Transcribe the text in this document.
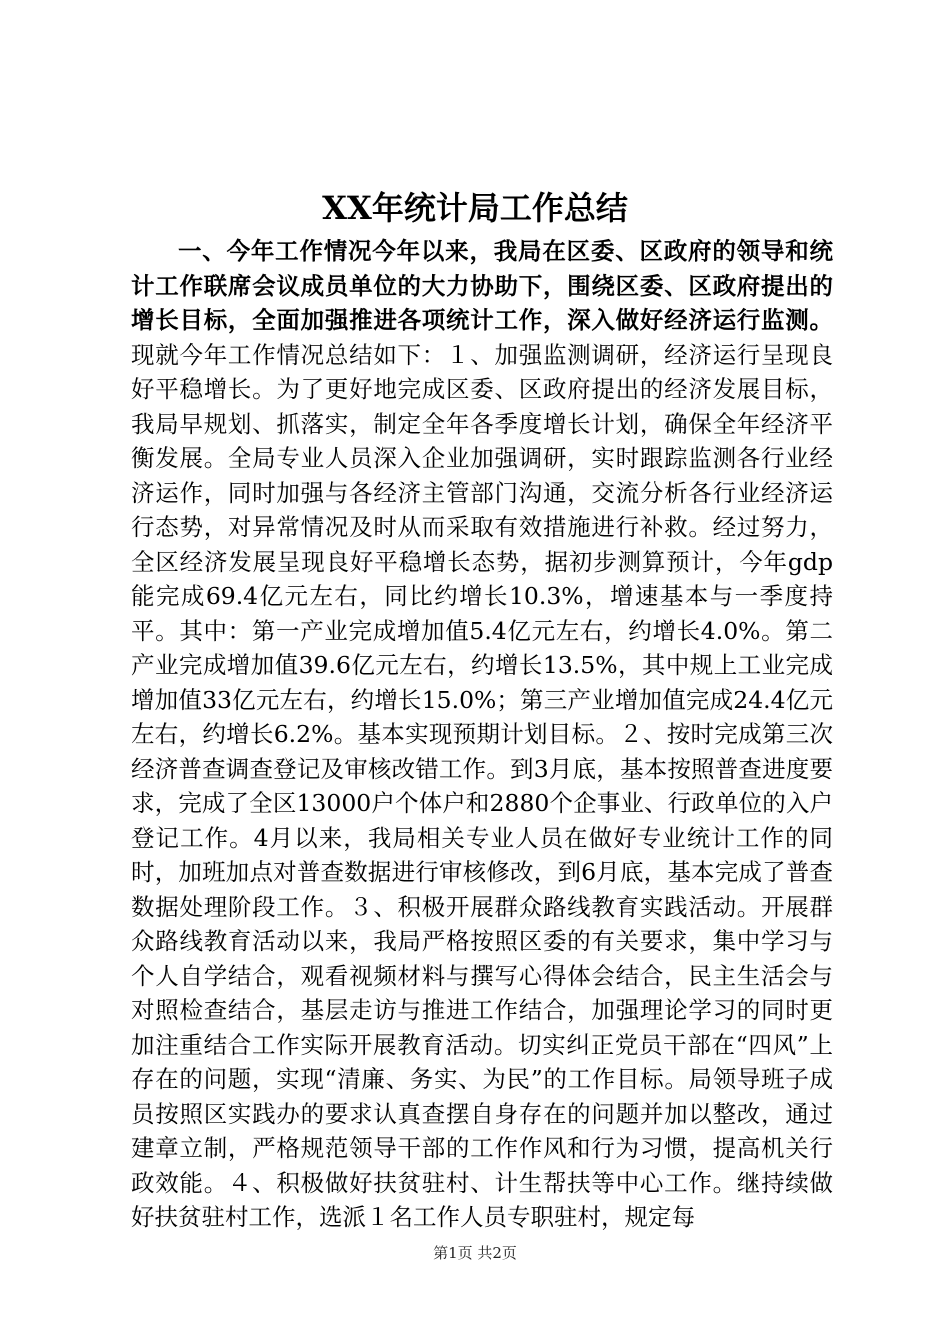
XX年统计局工作总结

一、今年工作情况今年以来，我局在区委、区政府的领导和统计工作联席会议成员单位的大力协助下，围绕区委、区政府提出的增长目标，全面加强推进各项统计工作，深入做好经济运行监测。现就今年工作情况总结如下：１、加强监测调研，经济运行呈现良好平稳增长。为了更好地完成区委、区政府提出的经济发展目标，我局早规划、抓落实，制定全年各季度增长计划，确保全年经济平衡发展。全局专业人员深入企业加强调研，实时跟踪监测各行业经济运作，同时加强与各经济主管部门沟通，交流分析各行业经济运行态势，对异常情况及时从而采取有效措施进行补救。经过努力，全区经济发展呈现良好平稳增长态势，据初步测算预计，今年gdp能完成69.4亿元左右，同比约增长10.3%，增速基本与一季度持平。其中：第一产业完成增加值5.4亿元左右，约增长4.0%。第二产业完成增加值39.6亿元左右，约增长13.5%，其中规上工业完成增加值33亿元左右，约增长15.0%；第三产业增加值完成24.4亿元左右，约增长6.2%。基本实现预期计划目标。２、按时完成第三次经济普查调查登记及审核改错工作。到3月底，基本按照普查进度要求，完成了全区13000户个体户和2880个企事业、行政单位的入户登记工作。4月以来，我局相关专业人员在做好专业统计工作的同时，加班加点对普查数据进行审核修改，到6月底，基本完成了普查数据处理阶段工作。３、积极开展群众路线教育实践活动。开展群众路线教育活动以来，我局严格按照区委的有关要求，集中学习与个人自学结合，观看视频材料与撰写心得体会结合，民主生活会与对照检查结合，基层走访与推进工作结合，加强理论学习的同时更加注重结合工作实际开展教育活动。切实纠正党员干部在“四风”上存在的问题，实现“清廉、务实、为民”的工作目标。局领导班子成员按照区实践办的要求认真查摆自身存在的问题并加以整改，通过建章立制，严格规范领导干部的工作作风和行为习惯，提高机关行政效能。４、积极做好扶贫驻村、计生帮扶等中心工作。继持续做好扶贫驻村工作，选派１名工作人员专职驻村，规定每

第1页 共2页
